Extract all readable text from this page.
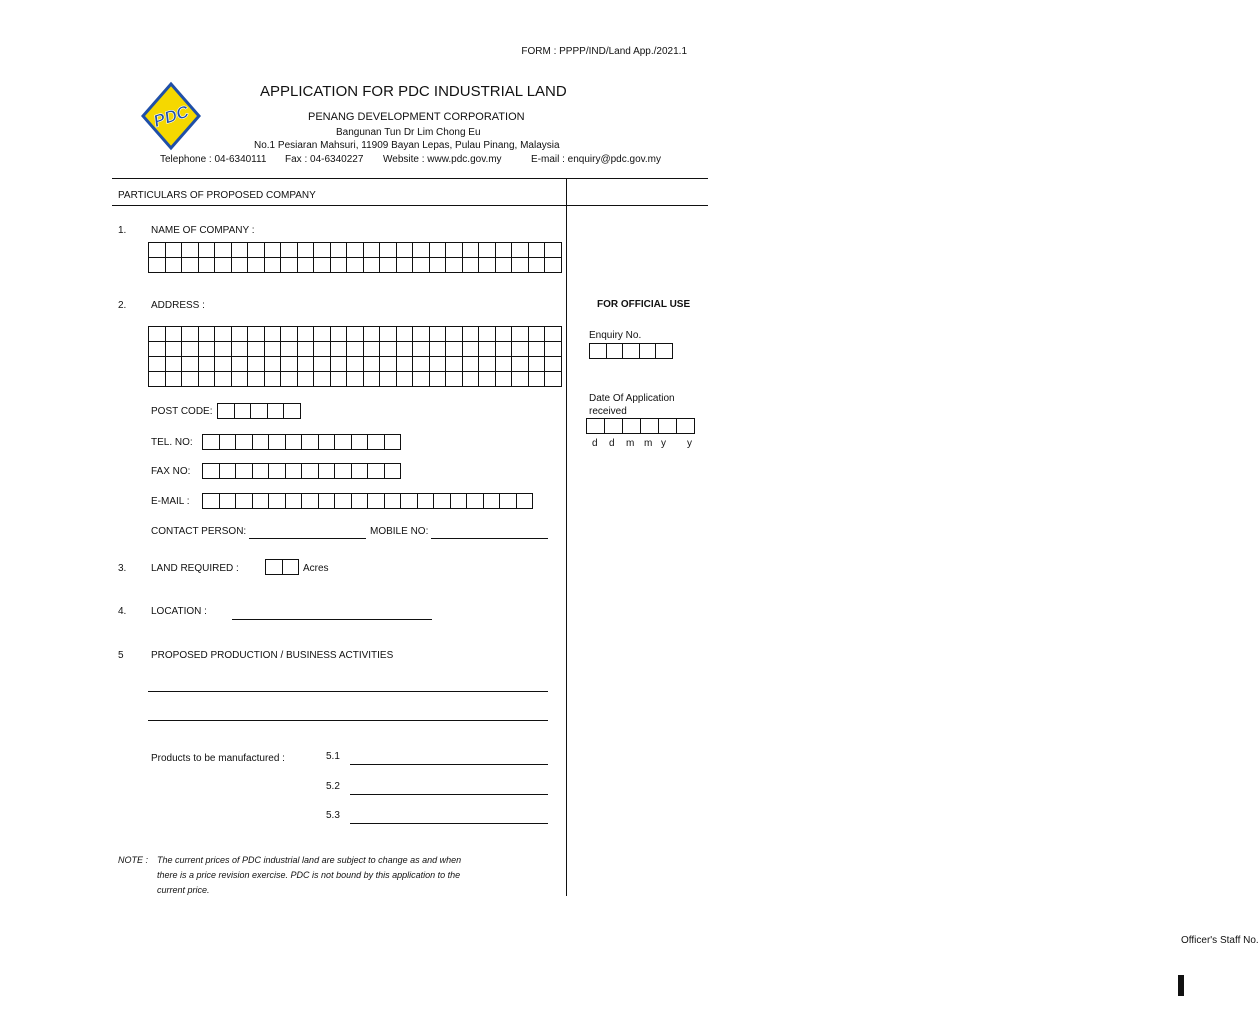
FORM : PPPP/IND/Land App./2021.1
PDC
APPLICATION FOR PDC INDUSTRIAL LAND
PENANG DEVELOPMENT CORPORATION
Bangunan Tun Dr Lim Chong Eu
No.1 Pesiaran Mahsuri, 11909 Bayan Lepas, Pulau Pinang, Malaysia
Telephone : 04-6340111 Fax : 04-6340227 Website : www.pdc.gov.my	E-mail : enquiry@pdc.gov.my
PARTICULARS OF PROPOSED COMPANY
1. NAME OF COMPANY :

2. ADDRESS :

POST CODE:

TEL. NO:

FAX NO:

E-MAIL :

CONTACT PERSON:	MOBILE NO:
3. LAND REQUIRED :
		Acres
4. LOCATION :
5	PROPOSED PRODUCTION / BUSINESS ACTIVITIES
Products to be manufactured :	5.1
5.2
5.3
NOTE : The current prices of PDC industrial land are subject to change as and when
there is a price revision exercise. PDC is not bound by this application to the
current price.
FOR OFFICIAL USE
Enquiry No.

Date Of Application
received

d d m m y y
Officer's Staff No.
